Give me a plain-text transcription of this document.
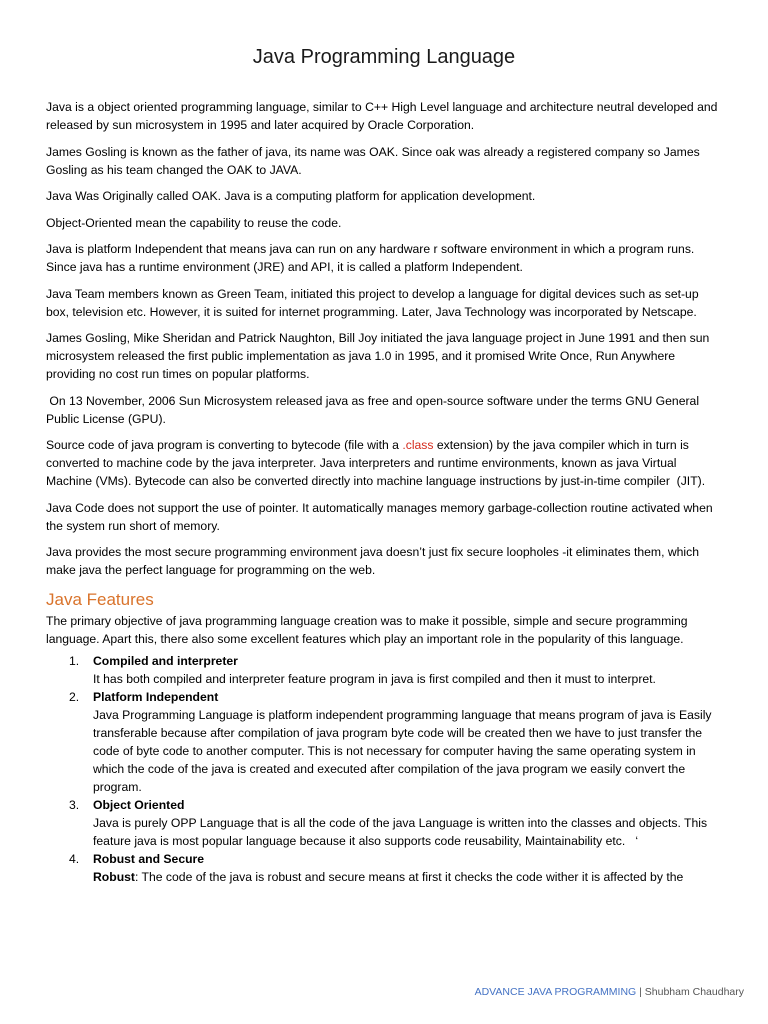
Java Programming Language

Java is a object oriented programming language, similar to C++ High Level language and architecture neutral developed and released by sun microsystem in 1995 and later acquired by Oracle Corporation.

James Gosling is known as the father of java, its name was OAK. Since oak was already a registered company so James Gosling as his team changed the OAK to JAVA.

Java Was Originally called OAK. Java is a computing platform for application development.

Object-Oriented mean the capability to reuse the code.

Java is platform Independent that means java can run on any hardware r software environment in which a program runs. Since java has a runtime environment (JRE) and API, it is called a platform Independent.

Java Team members known as Green Team, initiated this project to develop a language for digital devices such as set-up box, television etc. However, it is suited for internet programming. Later, Java Technology was incorporated by Netscape.

James Gosling, Mike Sheridan and Patrick Naughton, Bill Joy initiated the java language project in June 1991 and then sun microsystem released the first public implementation as java 1.0 in 1995, and it promised Write Once, Run Anywhere providing no cost run times on popular platforms.

On 13 November, 2006 Sun Microsystem released java as free and open-source software under the terms GNU General Public License (GPU).

Source code of java program is converting to bytecode (file with a .class extension) by the java compiler which in turn is converted to machine code by the java interpreter. Java interpreters and runtime environments, known as java Virtual Machine (VMs). Bytecode can also be converted directly into machine language instructions by just-in-time compiler  (JIT).

Java Code does not support the use of pointer. It automatically manages memory garbage-collection routine activated when the system run short of memory.

Java provides the most secure programming environment java doesn’t just fix secure loopholes -it eliminates them, which make java the perfect language for programming on the web.

Java Features

The primary objective of java programming language creation was to make it possible, simple and secure programming language. Apart this, there also some excellent features which play an important role in the popularity of this language.

1. Compiled and interpreter
It has both compiled and interpreter feature program in java is first compiled and then it must to interpret.
2. Platform Independent
Java Programming Language is platform independent programming language that means program of java is Easily transferable because after compilation of java program byte code will be created then we have to just transfer the code of byte code to another computer. This is not necessary for computer having the same operating system in which the code of the java is created and executed after compilation of the java program we easily convert the program.
3. Object Oriented
Java is purely OPP Language that is all the code of the java Language is written into the classes and objects. This feature java is most popular language because it also supports code reusability, Maintainability etc.   ‘
4. Robust and Secure
Robust: The code of the java is robust and secure means at first it checks the code wither it is affected by the
ADVANCE JAVA PROGRAMMING | Shubham Chaudhary
